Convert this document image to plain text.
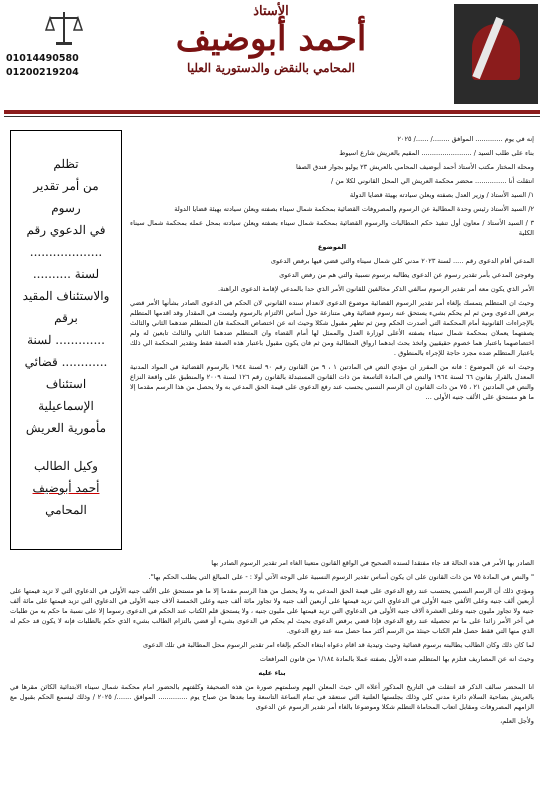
الأستاذ
أحمد أبوضيف
المحامي بالنقض والدستورية العليا
01014490580
01200219204
تظلم
من أمر تقدير
رسوم
في الدعوي رقم
...................
لسنة ..........
والاستئناف المقيد
برقم
............. لسنة
............ قضائي
استئناف
الإسماعيلية
مأمورية العريش
وكيل الطالب
أحمد أبوضيف
المحامي

إنه في يوم ............. الموافق ......../ ....../ ٢٠٢٥

بناء على طلب السيد / ........................ المقيم بالعريش شارع اسيوط

ومحله المختار مكتب الأستاذ أحمد أبوضيف المحامي بالعريش ٢٣ يوليو بجوار فندق الصفا

انتقلت أنا ............... محضر محكمة العريش الي المحل القانوني لكلا من /

١/ السيد الأستاذ / وزير العدل بصفته ويعلن سيادته بهيئة قضايا الدولة

٢/ السيد الأستاذ رئيس وحدة المطالبة عن الرسوم والمصروفات القضائية بمحكمة شمال سيناء بصفته ويعلن سيادته بهيئة قضايا الدولة

٣ / السيد الأستاذ / معاون أول تنفيذ حكم المطالبات والرسوم القضائية بمحكمة شمال سيناء بصفته ويعلن سيادته بمحل عمله بمحكمة شمال سيناء الكلية

الموضوع

المدعي أقام الدعوى رقم ..... لسنة ٢٠٢٣ مدني كلي شمال سيناء والتي قضي فيها برفض الدعوى

وفوجئ المدعي بأمر تقدير رسوم عن الدعوى يطالبه برسوم نسبية والتي هم من رفض الدعوى

الأمر الذي يكون معه أمر تقدير الرسوم سالفي الذكر مخالفين للقانون الأمر الذي حدا بالمدعي لإقامة الدعوى الراهنة.

وحيث ان المتظلم يتمسك بإلغاء أمر تقدير الرسوم القضائية موضوع الدعوى لانعدام سنده القانوني لان الحكم في الدعوى الصادر بشأنها الأمر قضي برفض الدعوى ومن ثم لم يحكم بشيء يستحق عنه رسوم قضائية وهي متنازعة حول أساس الالتزام بالرسوم وليست في المقدار وقد اقدمها المتظلم بالإجراءات القانونية أمام المحكمة التي أصدرت الحكم ومن ثم تظهر مقبول شكلا وحيث انه عن اختصاص المحكمة فان المتظلم ضدهما الثاني والثالث يصفتهما يعملان بمحكمة شمال سيناء بصفته الأعلى لوزارة العدل والممثل لها أمام القضاء وان المتظلم ضدهما الثاني والثالث تابعين له ولم اختصاصهما باعتبار هما خصوم حقيقيين واتخذ بحث ابدهما ارواق المطالبة ومن ثم فان يكون مقبول باعتبار هذه الصفة فقط وتقدير المحكمة الي ذلك باعتبار المتظلم ضده مجرد حاجة للإجراء بالمنطوق .

وحيث انه عن الموضوع : فانه من المقرر ان مؤدي النص في المادتين ١ ، ٩ من القانون رقم ٩٠ لسنة ١٩٤٤ بالرسوم القضائية في المواد المدنية المعدل بالقرار بقانون ٦٦ لسنة ١٩٦٤ والنص في المادة التاسعة من ذات القانون المستبدلة بالقانون رقم ١٢٦ لسنة ٢٠٠٩ والمنطبق على واقعة النزاع والنص في المادتين ٢١ ، ٧٥ من ذات القانون ان الرسم النسبي يحسب عند رفع الدعوى على قيمة الحق المدعي به ولا يحصل من هذا الرسم مقدما إلا ما هو مستحق على الألف جنيه الأولى ...

الصادر بها الأمر في هذه الحالة قد جاء مفتقدا لسنده الصحيح في الواقع القانون متعينا الغاء امر تقدير الرسوم الصادر بها

" والنص في المادة ٧٥ من ذات القانون على ان يكون أساس تقدير الرسوم النسبية على الوجه الآتي أولا : - على المبالغ التي يطلب الحكم بها".

ومؤدي ذلك أن الرسم النسبي يحتسب عند رفع الدعوى على قيمة الحق المدعي به ولا يحصل من هذا الرسم مقدما إلا ما هو مستحق على الألف جنيه الأولى في الدعاوي التي لا تزيد قيمتها على أربعين ألف جنيه وعلى الألفي جنيه الأولى في الدعاوي التي تزيد قيمتها على أربعين ألف جنيه ولا تجاوز مائة ألف جنيه وعلى الخمسة آلاف جنيه الأولى في الدعاوي التي تزيد قيمتها على مائة ألف جنيه ولا تجاوز مليون جنيه وعلى العشرة آلاف جنيه الأولى في الدعاوي التي تزيد قيمتها على مليون جنيه ، ولا يستحق قلم الكتاب عند الحكم في الدعوى رسوما إلا على نسبة ما حكم به من طلبات في آخر الأمر زائدا على ما تم تحصيله عند رفع الدعوى فإذا قضي برفض الدعوى بحيث لم يحكم في الدعوى بشيء أو قضي بالتزام الطالب بشيء الذي حكم بالطلبات فإنه لا يكون قد حكم له الذي منها التي فقط حصل قلم الكتاب حينئذ من الرسم أكثر مما حصل منه عند رفع الدعوى.

لما كان ذلك وكان الطالب يطالبته برسوم قضائية وحيث وتيدية قد اقام دعواه ابتغاء الحكم بإلغاء امر تقدير الرسوم محل المطالبة في تلك الدعوى

وحيث انه عن المصاريف فتلزم بها المتظلم ضده الأول بصفته عملا بالمادة ١/١٨٤ من قانون المرافعات

بناء عليه

انا المحضر سالف الذكر قد انتقلت في التاريخ المذكور أعلاه الي حيث المعلن اليهم وسلمتهم صورة من هذه الصحيفة وكلفتهم بالحضور امام محكمة شمال سيناء الابتدائية الكائن مقرها في بالعريش بضاحية السلام دائرة مدني كلي وذلك بجلستها العلنية التي ستعقد في تمام الساعة التاسعة وما بعدها من صباح يوم .............. الموافق ......./ ٢٠٢٥ / وذلك ليسمع الحكم بقبول مع الزامهم المصروفات ومقابل اتعاب المحاماة التظلم شكلا وموضوعا بالغاء أمر تقدير الرسوم عن الدعوى

ولأجل العلم،
